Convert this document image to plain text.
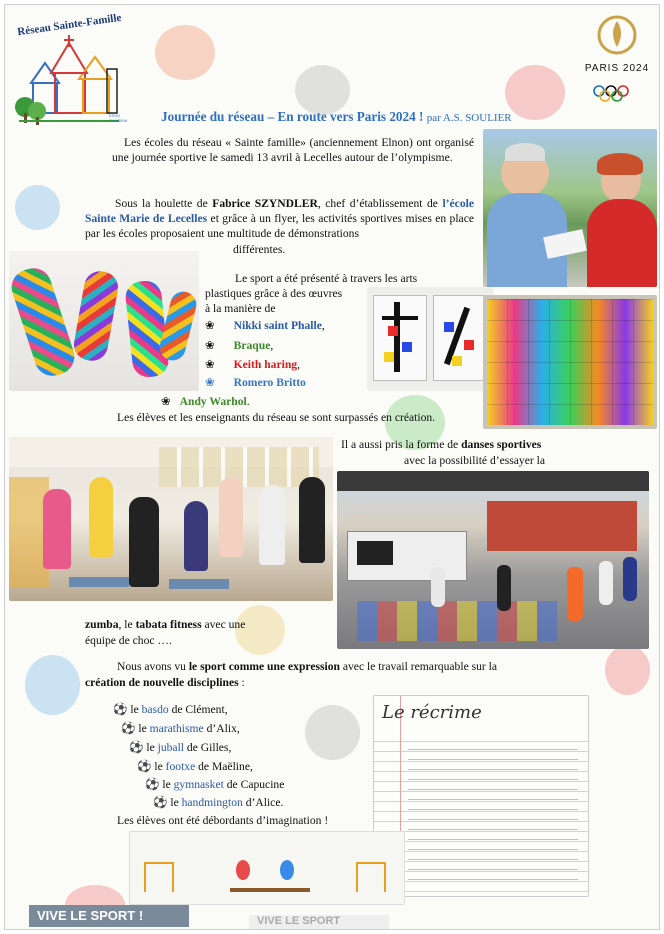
Réseau Sainte-Famille
ESSO CAMBRAI
PARIS 2024
Journée du réseau – En route vers Paris 2024 ! par A.S. SOULIER
Les écoles du réseau « Sainte famille» (anciennement Elnon) ont organisé une journée sportive le samedi 13 avril à Lecelles autour de l’olympisme.
Sous la houlette de Fabrice SZYNDLER, chef d’établissement de l’école Sainte Marie de Lecelles et grâce à un flyer, les activités sportives mises en place par les écoles proposaient une multitude de démonstrations
différentes.
Le sport a été présenté à travers les arts
plastiques grâce à des œuvres
à la manière de
❀ Nikki saint Phalle,
❀ Braque,
❀ Keith haring,
❀ Romero Britto
❀ Andy Warhol.
Les élèves et les enseignants du réseau se sont surpassés en création.
Il a aussi pris la forme de danses sportives
avec la possibilité d’essayer la
zumba, le tabata fitness avec une
équipe de choc ….
Nous avons vu le sport comme une expression avec le travail remarquable sur la
création de nouvelle disciplines :
⚽ le basdo de Clément,
⚽ le marathisme d’Alix,
⚽ le juball de Gilles,
⚽ le footxe de Maëline,
⚽ le gymnasket de Capucine
⚽ le handmington d’Alice.
Les élèves ont été débordants d’imagination !
Le récrime
VIVE LE SPORT !	VIVE LE SPORT
